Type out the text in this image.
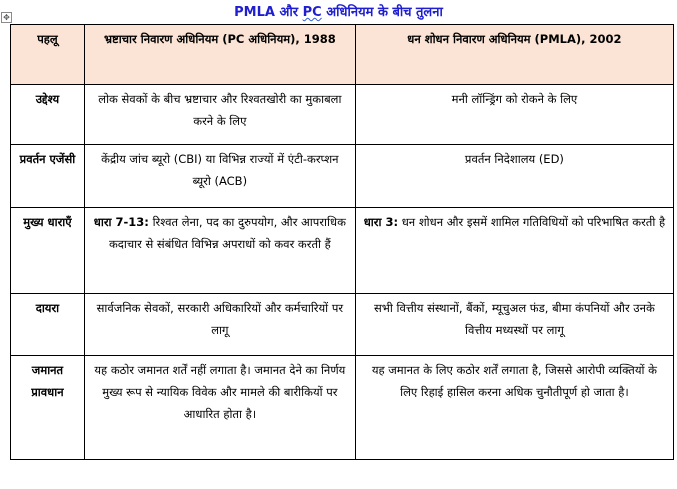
✥	PMLA और PC अधिनियम के बीच तुलना
पहलू	भ्रष्टाचार निवारण अधिनियम (PC अधिनियम), 1988	धन शोधन निवारण अधिनियम (PMLA), 2002
उद्देश्य	लोक सेवकों के बीच भ्रष्टाचार और रिश्वतखोरी का मुकाबला करने के लिए	मनी लॉन्ड्रिंग को रोकने के लिए
प्रवर्तन एजेंसी	केंद्रीय जांच ब्यूरो (CBI) या विभिन्न राज्यों में एंटी-करप्शन ब्यूरो (ACB)	प्रवर्तन निदेशालय (ED)
मुख्य धाराएँ	धारा 7-13: रिश्वत लेना, पद का दुरुपयोग, और आपराधिक कदाचार से संबंधित विभिन्न अपराधों को कवर करती हैं	धारा 3: धन शोधन और इसमें शामिल गतिविधियों को परिभाषित करती है
दायरा	सार्वजनिक सेवकों, सरकारी अधिकारियों और कर्मचारियों पर लागू	सभी वित्तीय संस्थानों, बैंकों, म्यूचुअल फंड, बीमा कंपनियों और उनके वित्तीय मध्यस्थों पर लागू
जमानत प्रावधान	यह कठोर जमानत शर्तें नहीं लगाता है। जमानत देने का निर्णय मुख्य रूप से न्यायिक विवेक और मामले की बारीकियों पर आधारित होता है।	यह जमानत के लिए कठोर शर्तें लगाता है, जिससे आरोपी व्यक्तियों के लिए रिहाई हासिल करना अधिक चुनौतीपूर्ण हो जाता है।
